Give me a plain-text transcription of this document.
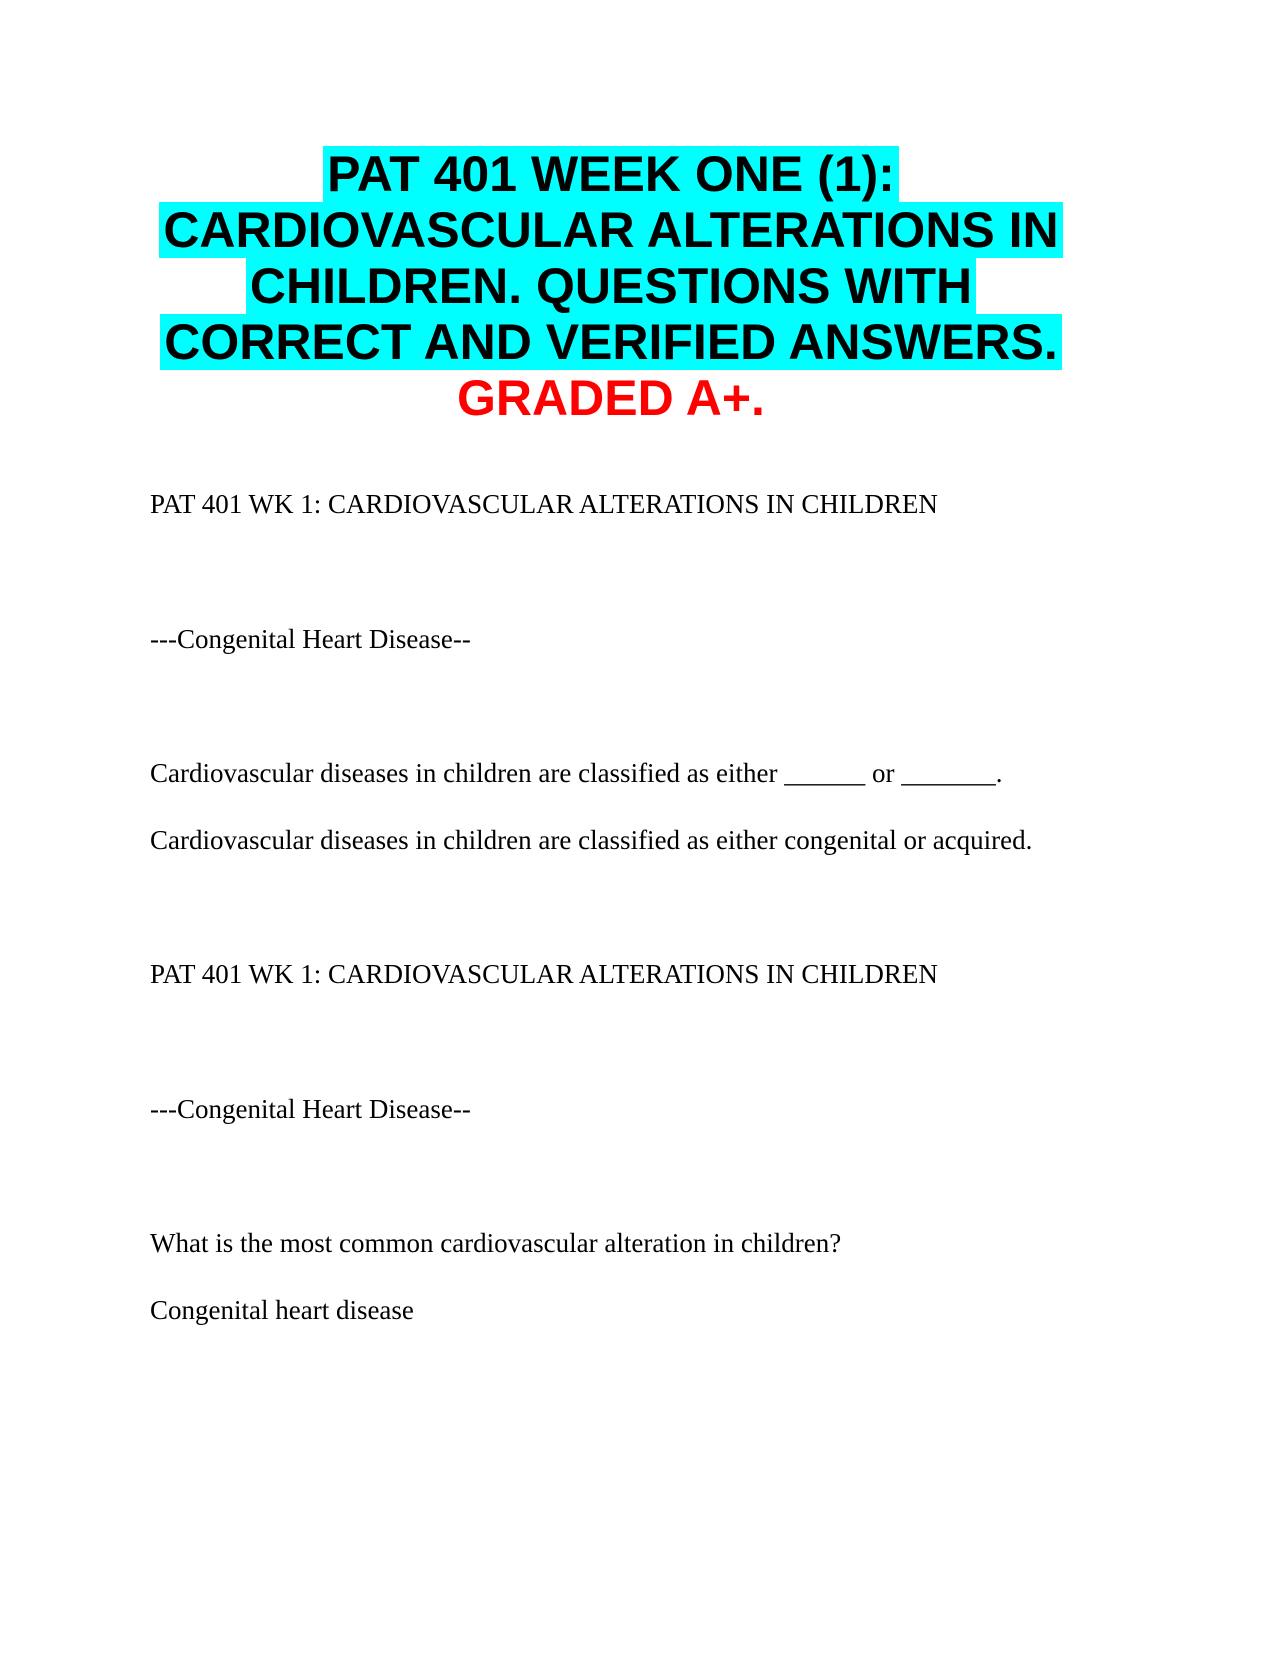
PAT 401 WEEK ONE (1):
CARDIOVASCULAR ALTERATIONS IN
CHILDREN. QUESTIONS WITH
CORRECT AND VERIFIED ANSWERS.
GRADED A+.
PAT 401 WK 1: CARDIOVASCULAR ALTERATIONS IN CHILDREN
---Congenital Heart Disease--
Cardiovascular diseases in children are classified as either ______ or _______.
Cardiovascular diseases in children are classified as either congenital or acquired.
PAT 401 WK 1: CARDIOVASCULAR ALTERATIONS IN CHILDREN
---Congenital Heart Disease--
What is the most common cardiovascular alteration in children?
Congenital heart disease
